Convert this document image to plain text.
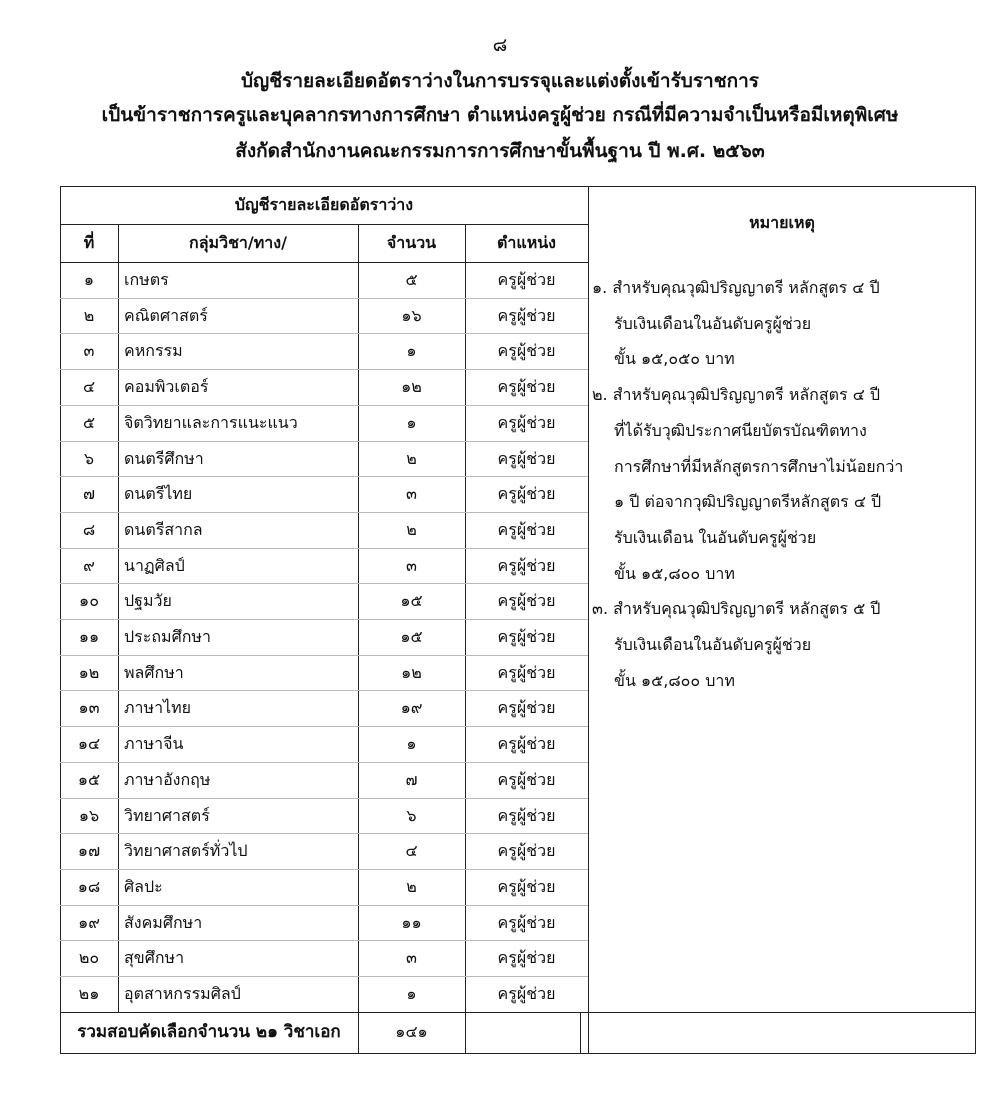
๘
บัญชีรายละเอียดอัตราว่างในการบรรจุและแต่งตั้งเข้ารับราชการ
เป็นข้าราชการครูและบุคลากรทางการศึกษา ตำแหน่งครูผู้ช่วย กรณีที่มีความจำเป็นหรือมีเหตุพิเศษ
สังกัดสำนักงานคณะกรรมการการศึกษาขั้นพื้นฐาน ปี พ.ศ. ๒๕๖๓
บัญชีรายละเอียดอัตราว่าง
ที่	กลุ่มวิชา/ทาง/	จำนวน	ตำแหน่ง
หมายเหตุ
๑	เกษตร	๕	ครูผู้ช่วย
๒	คณิตศาสตร์	๑๖	ครูผู้ช่วย
๓	คหกรรม	๑	ครูผู้ช่วย
๔	คอมพิวเตอร์	๑๒	ครูผู้ช่วย
๕	จิตวิทยาและการแนะแนว	๑	ครูผู้ช่วย
๖	ดนตรีศึกษา	๒	ครูผู้ช่วย
๗	ดนตรีไทย	๓	ครูผู้ช่วย
๘	ดนตรีสากล	๒	ครูผู้ช่วย
๙	นาฏศิลป์	๓	ครูผู้ช่วย
๑๐	ปฐมวัย	๑๕	ครูผู้ช่วย
๑๑	ประถมศึกษา	๑๕	ครูผู้ช่วย
๑๒	พลศึกษา	๑๒	ครูผู้ช่วย
๑๓	ภาษาไทย	๑๙	ครูผู้ช่วย
๑๔	ภาษาจีน	๑	ครูผู้ช่วย
๑๕	ภาษาอังกฤษ	๗	ครูผู้ช่วย
๑๖	วิทยาศาสตร์	๖	ครูผู้ช่วย
๑๗	วิทยาศาสตร์ทั่วไป	๔	ครูผู้ช่วย
๑๘	ศิลปะ	๒	ครูผู้ช่วย
๑๙	สังคมศึกษา	๑๑	ครูผู้ช่วย
๒๐	สุขศึกษา	๓	ครูผู้ช่วย
๒๑	อุตสาหกรรมศิลป์	๑	ครูผู้ช่วย
๑. สำหรับคุณวุฒิปริญญาตรี หลักสูตร ๔ ปี
รับเงินเดือนในอันดับครูผู้ช่วย
ขั้น ๑๕,๐๕๐ บาท
๒. สำหรับคุณวุฒิปริญญาตรี หลักสูตร ๔ ปี
ที่ได้รับวุฒิประกาศนียบัตรบัณฑิตทาง
การศึกษาที่มีหลักสูตรการศึกษาไม่น้อยกว่า
๑ ปี ต่อจากวุฒิปริญญาตรีหลักสูตร ๔ ปี
รับเงินเดือน ในอันดับครูผู้ช่วย
ขั้น ๑๕,๘๐๐ บาท
๓. สำหรับคุณวุฒิปริญญาตรี หลักสูตร ๕ ปี
รับเงินเดือนในอันดับครูผู้ช่วย
ขั้น ๑๕,๘๐๐ บาท
รวมสอบคัดเลือกจำนวน ๒๑ วิชาเอก	๑๔๑
